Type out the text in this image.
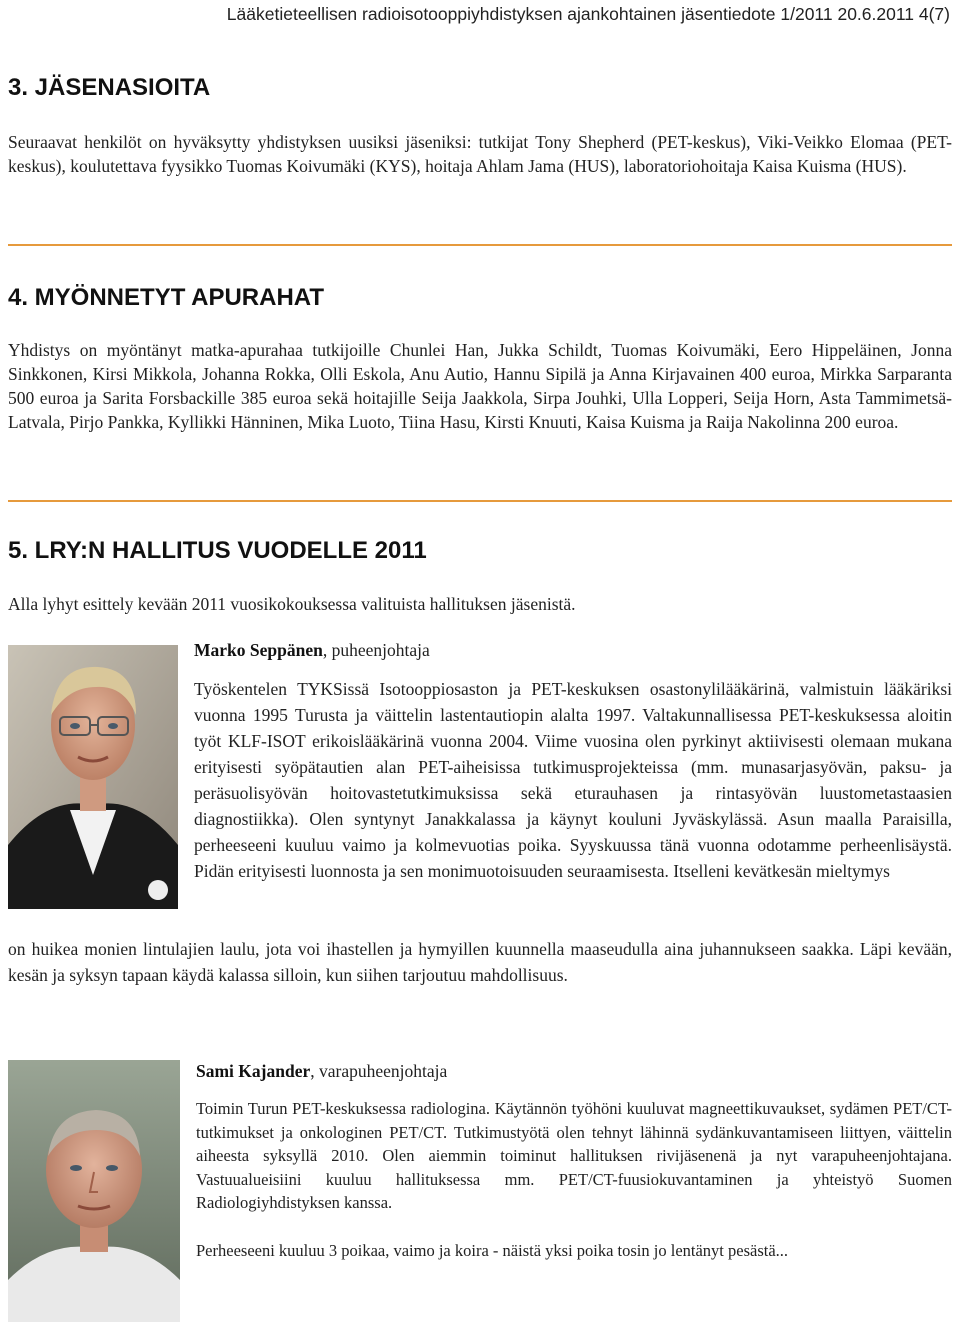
Lääketieteellisen radioisotooppiyhdistyksen ajankohtainen jäsentiedote 1/2011 20.6.2011 4(7)
3. JÄSENASIOITA

Seuraavat henkilöt on hyväksytty yhdistyksen uusiksi jäseniksi: tutkijat Tony Shepherd (PET-keskus), Viki-Veikko Elomaa (PET-keskus), koulutettava fyysikko Tuomas Koivumäki (KYS), hoitaja Ahlam Jama (HUS), laboratoriohoitaja Kaisa Kuisma (HUS).

4. MYÖNNETYT APURAHAT

Yhdistys on myöntänyt matka-apurahaa tutkijoille Chunlei Han, Jukka Schildt, Tuomas Koivumäki, Eero Hippeläinen, Jonna Sinkkonen, Kirsi Mikkola, Johanna Rokka, Olli Eskola, Anu Autio, Hannu Sipilä ja Anna Kirjavainen 400 euroa, Mirkka Sarparanta 500 euroa ja Sarita Forsbackille 385 euroa sekä hoitajille Seija Jaakkola, Sirpa Jouhki, Ulla Lopperi, Seija Horn, Asta Tammimetsä-Latvala, Pirjo Pankka, Kyllikki Hänninen, Mika Luoto, Tiina Hasu, Kirsti Knuuti, Kaisa Kuisma ja Raija Nakolinna 200 euroa.

5. LRY:N HALLITUS VUODELLE 2011

Alla lyhyt esittely kevään 2011 vuosikokouksessa valituista hallituksen jäsenistä.

Marko Seppänen, puheenjohtaja

Työskentelen TYKSissä Isotooppiosaston ja PET-keskuksen osastonylilääkärinä, valmistuin lääkäriksi vuonna 1995 Turusta ja väittelin lastentautiopin alalta 1997. Valtakunnallisessa PET-keskuksessa aloitin työt KLF-ISOT erikoislääkärinä vuonna 2004. Viime vuosina olen pyrkinyt aktiivisesti olemaan mukana erityisesti syöpätautien alan PET-aiheisissa tutkimusprojekteissa (mm. munasarjasyövän, paksu- ja peräsuolisyövän hoitovastetutkimuksissa sekä eturauhasen ja rintasyövän luustometastaasien diagnostiikka). Olen syntynyt Janakkalassa ja käynyt kouluni Jyväskylässä. Asun maalla Paraisilla, perheeseeni kuuluu vaimo ja kolmevuotias poika. Syyskuussa tänä vuonna odotamme perheenlisäystä. Pidän erityisesti luonnosta ja sen monimuotoisuuden seuraamisesta. Itselleni kevätkesän mieltymys

on huikea monien lintulajien laulu, jota voi ihastellen ja hymyillen kuunnella maaseudulla aina juhannukseen saakka. Läpi kevään, kesän ja syksyn tapaan käydä kalassa silloin, kun siihen tarjoutuu mahdollisuus.

Sami Kajander, varapuheenjohtaja

Toimin Turun PET-keskuksessa radiologina. Käytännön työhöni kuuluvat magneettikuvaukset, sydämen PET/CT-tutkimukset ja onkologinen PET/CT. Tutkimustyötä olen tehnyt lähinnä sydänkuvantamiseen liittyen, väittelin aiheesta syksyllä 2010. Olen aiemmin toiminut hallituksen rivijäsenenä ja nyt varapuheenjohtajana. Vastuualueisiini kuuluu hallituksessa mm. PET/CT-fuusiokuvantaminen ja yhteistyö Suomen Radiologiyhdistyksen kanssa.

Perheeseeni kuuluu 3 poikaa, vaimo ja koira - näistä yksi poika tosin jo lentänyt pesästä...
